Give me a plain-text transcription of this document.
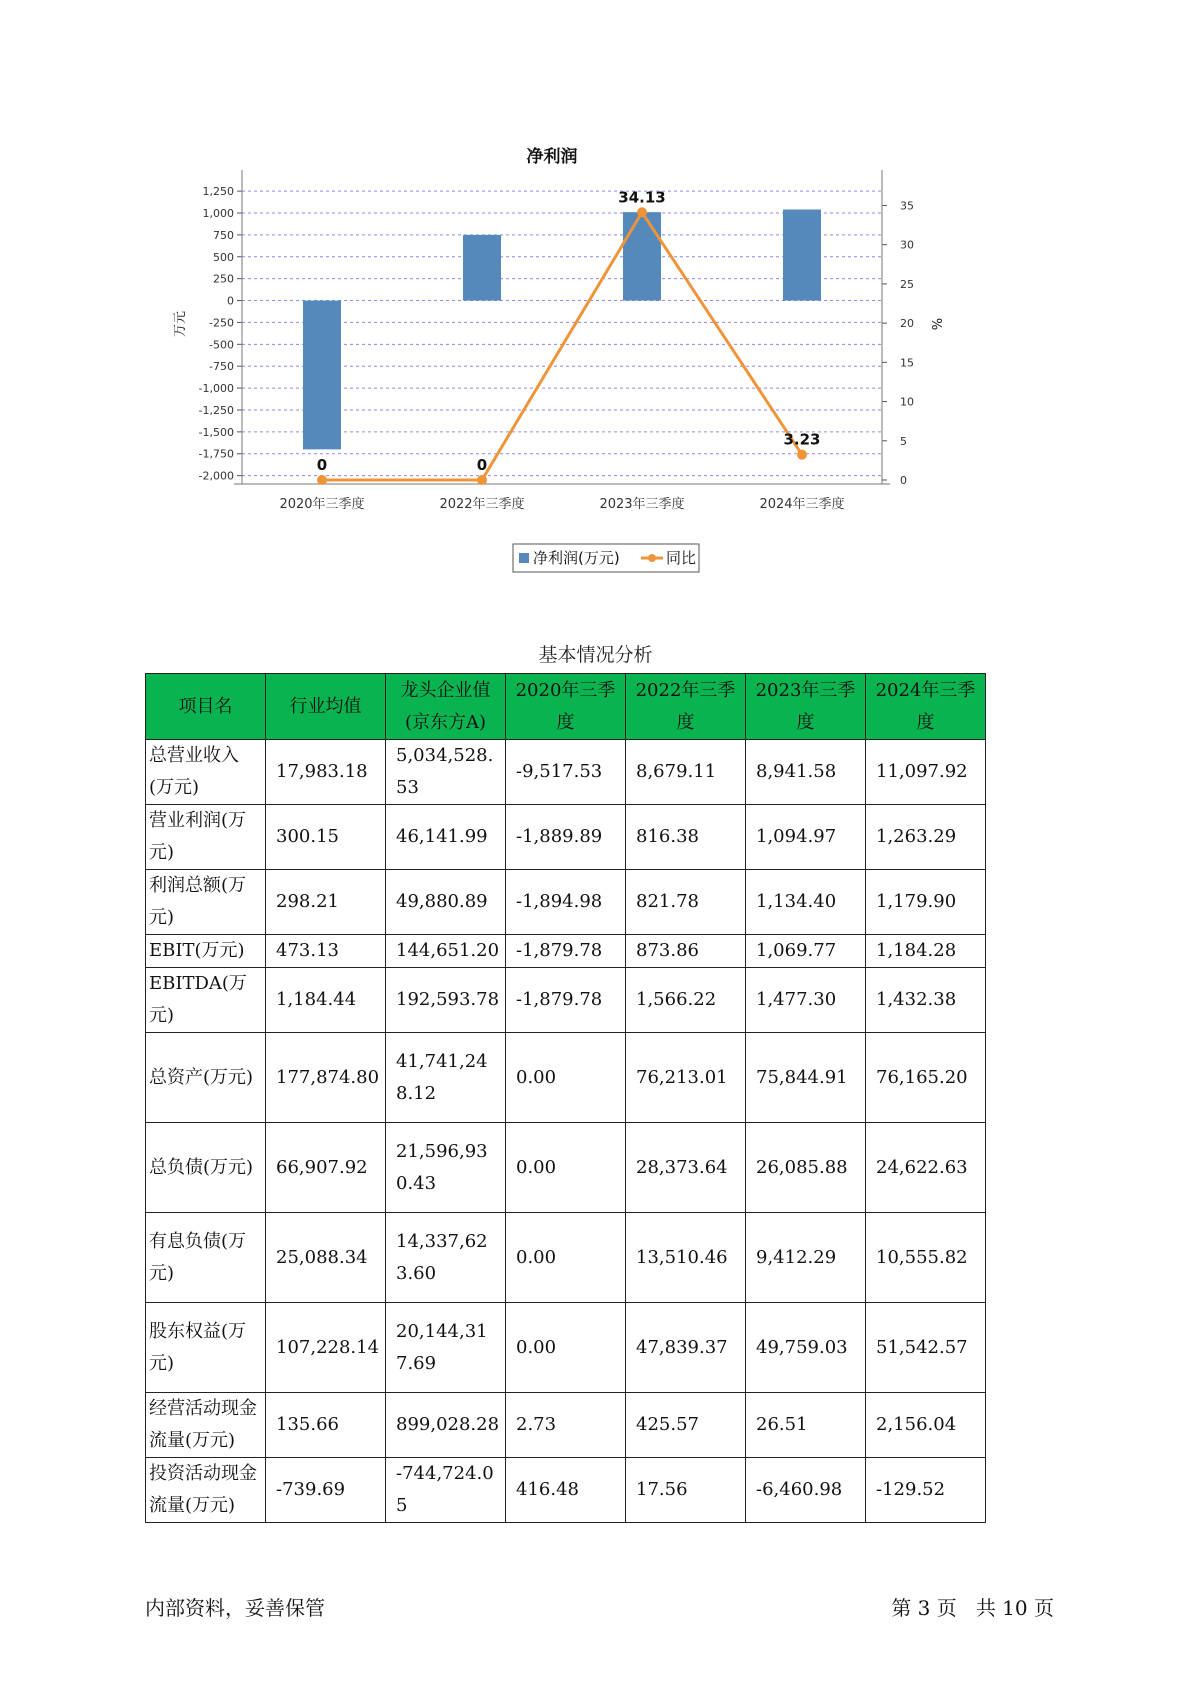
净利润
1,250
1,000
750
500
250
0
-250
-500
-750
-1,000
-1,250
-1,500
-1,750
-2,000
35
30
25
20
15
10
5
0
万元	%
2020年三季度	2022年三季度	2023年三季度	2024年三季度
0	0
34.13
3.23
净利润(万元)	同比
基本情况分析
项目名	行业均值	龙头企业值(京东方A)	2020年三季度	2022年三季度	2023年三季度	2024年三季度
总营业收入(万元)	17,983.18	5,034,528.53	-9,517.53	8,679.11	8,941.58	11,097.92
营业利润(万元)	300.15	46,141.99	-1,889.89	816.38	1,094.97	1,263.29
利润总额(万元)	298.21	49,880.89	-1,894.98	821.78	1,134.40	1,179.90
EBIT(万元)	473.13	144,651.20	-1,879.78	873.86	1,069.77	1,184.28
EBITDA(万元)	1,184.44	192,593.78	-1,879.78	1,566.22	1,477.30	1,432.38
总资产(万元)	177,874.80	41,741,248.12	0.00	76,213.01	75,844.91	76,165.20
总负债(万元)	66,907.92	21,596,930.43	0.00	28,373.64	26,085.88	24,622.63
有息负债(万元)	25,088.34	14,337,623.60	0.00	13,510.46	9,412.29	10,555.82
股东权益(万元)	107,228.14	20,144,317.69	0.00	47,839.37	49,759.03	51,542.57
经营活动现金流量(万元)	135.66	899,028.28	2.73	425.57	26.51	2,156.04
投资活动现金流量(万元)	-739.69	-744,724.05	416.48	17.56	-6,460.98	-129.52
内部资料，妥善保管	第 3 页   共 10 页
